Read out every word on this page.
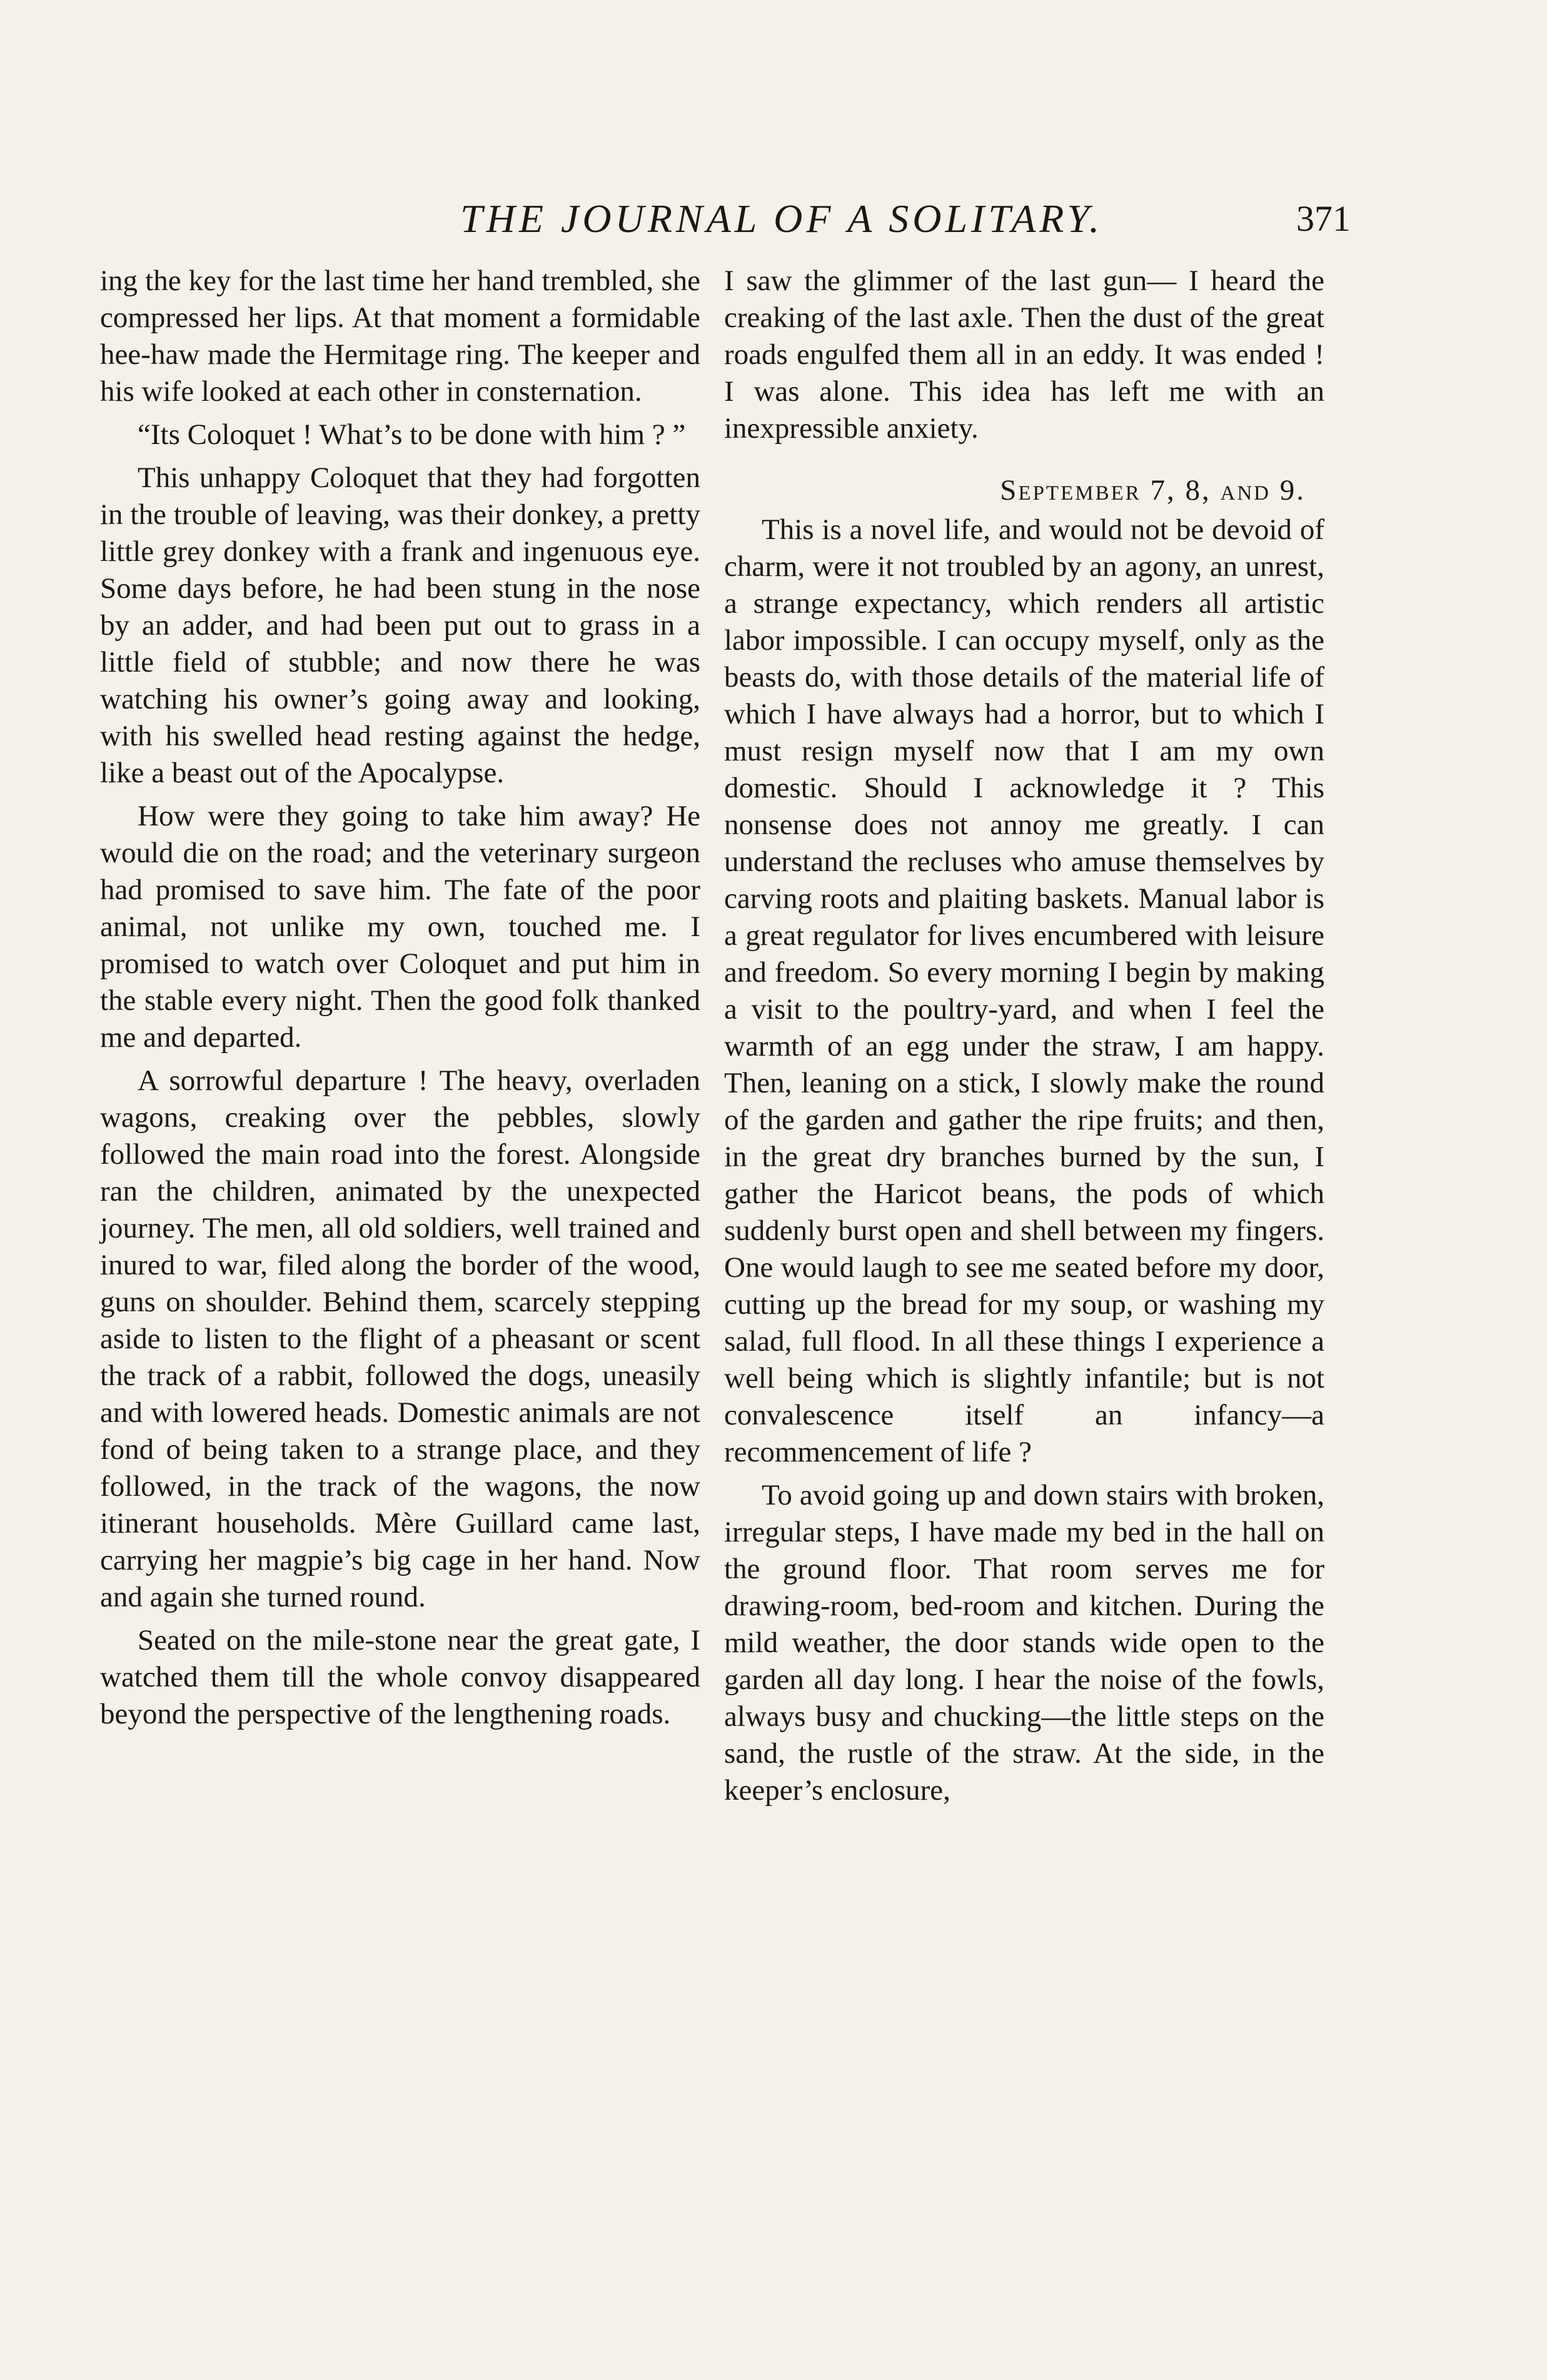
THE JOURNAL OF A SOLITARY.	371

ing the key for the last time her hand trembled, she compressed her lips. At that moment a formidable hee-haw made the Hermitage ring. The keeper and his wife looked at each other in consternation.

“Its Coloquet ! What’s to be done with him ? ”

This unhappy Coloquet that they had forgotten in the trouble of leaving, was their donkey, a pretty little grey donkey with a frank and ingenuous eye. Some days before, he had been stung in the nose by an adder, and had been put out to grass in a little field of stubble; and now there he was watching his owner’s going away and looking, with his swelled head resting against the hedge, like a beast out of the Apocalypse.

How were they going to take him away? He would die on the road; and the veterinary surgeon had promised to save him. The fate of the poor animal, not unlike my own, touched me. I promised to watch over Coloquet and put him in the stable every night. Then the good folk thanked me and departed.

A sorrowful departure ! The heavy, overladen wagons, creaking over the pebbles, slowly followed the main road into the forest. Alongside ran the children, animated by the unexpected journey. The men, all old soldiers, well trained and inured to war, filed along the border of the wood, guns on shoulder. Behind them, scarcely stepping aside to listen to the flight of a pheasant or scent the track of a rabbit, followed the dogs, uneasily and with lowered heads. Domestic animals are not fond of being taken to a strange place, and they followed, in the track of the wagons, the now itinerant households. Mère Guillard came last, carrying her magpie’s big cage in her hand. Now and again she turned round.

Seated on the mile-stone near the great gate, I watched them till the whole convoy disappeared beyond the perspective of the lengthening roads.

I saw the glimmer of the last gun— I heard the creaking of the last axle. Then the dust of the great roads engulfed them all in an eddy. It was ended ! I was alone. This idea has left me with an inexpressible anxiety.

September 7, 8, and 9.

This is a novel life, and would not be devoid of charm, were it not troubled by an agony, an unrest, a strange expectancy, which renders all artistic labor impossible. I can occupy myself, only as the beasts do, with those details of the material life of which I have always had a horror, but to which I must resign myself now that I am my own domestic. Should I acknowledge it ? This nonsense does not annoy me greatly. I can understand the recluses who amuse themselves by carving roots and plaiting baskets. Manual labor is a great regulator for lives encumbered with leisure and freedom. So every morning I begin by making a visit to the poultry-yard, and when I feel the warmth of an egg under the straw, I am happy. Then, leaning on a stick, I slowly make the round of the garden and gather the ripe fruits; and then, in the great dry branches burned by the sun, I gather the Haricot beans, the pods of which suddenly burst open and shell between my fingers. One would laugh to see me seated before my door, cutting up the bread for my soup, or washing my salad, full flood. In all these things I experience a well being which is slightly infantile; but is not convalescence itself an infancy—a recommencement of life ?

To avoid going up and down stairs with broken, irregular steps, I have made my bed in the hall on the ground floor. That room serves me for drawing-room, bed-room and kitchen. During the mild weather, the door stands wide open to the garden all day long. I hear the noise of the fowls, always busy and chucking—the little steps on the sand, the rustle of the straw. At the side, in the keeper’s enclosure,
